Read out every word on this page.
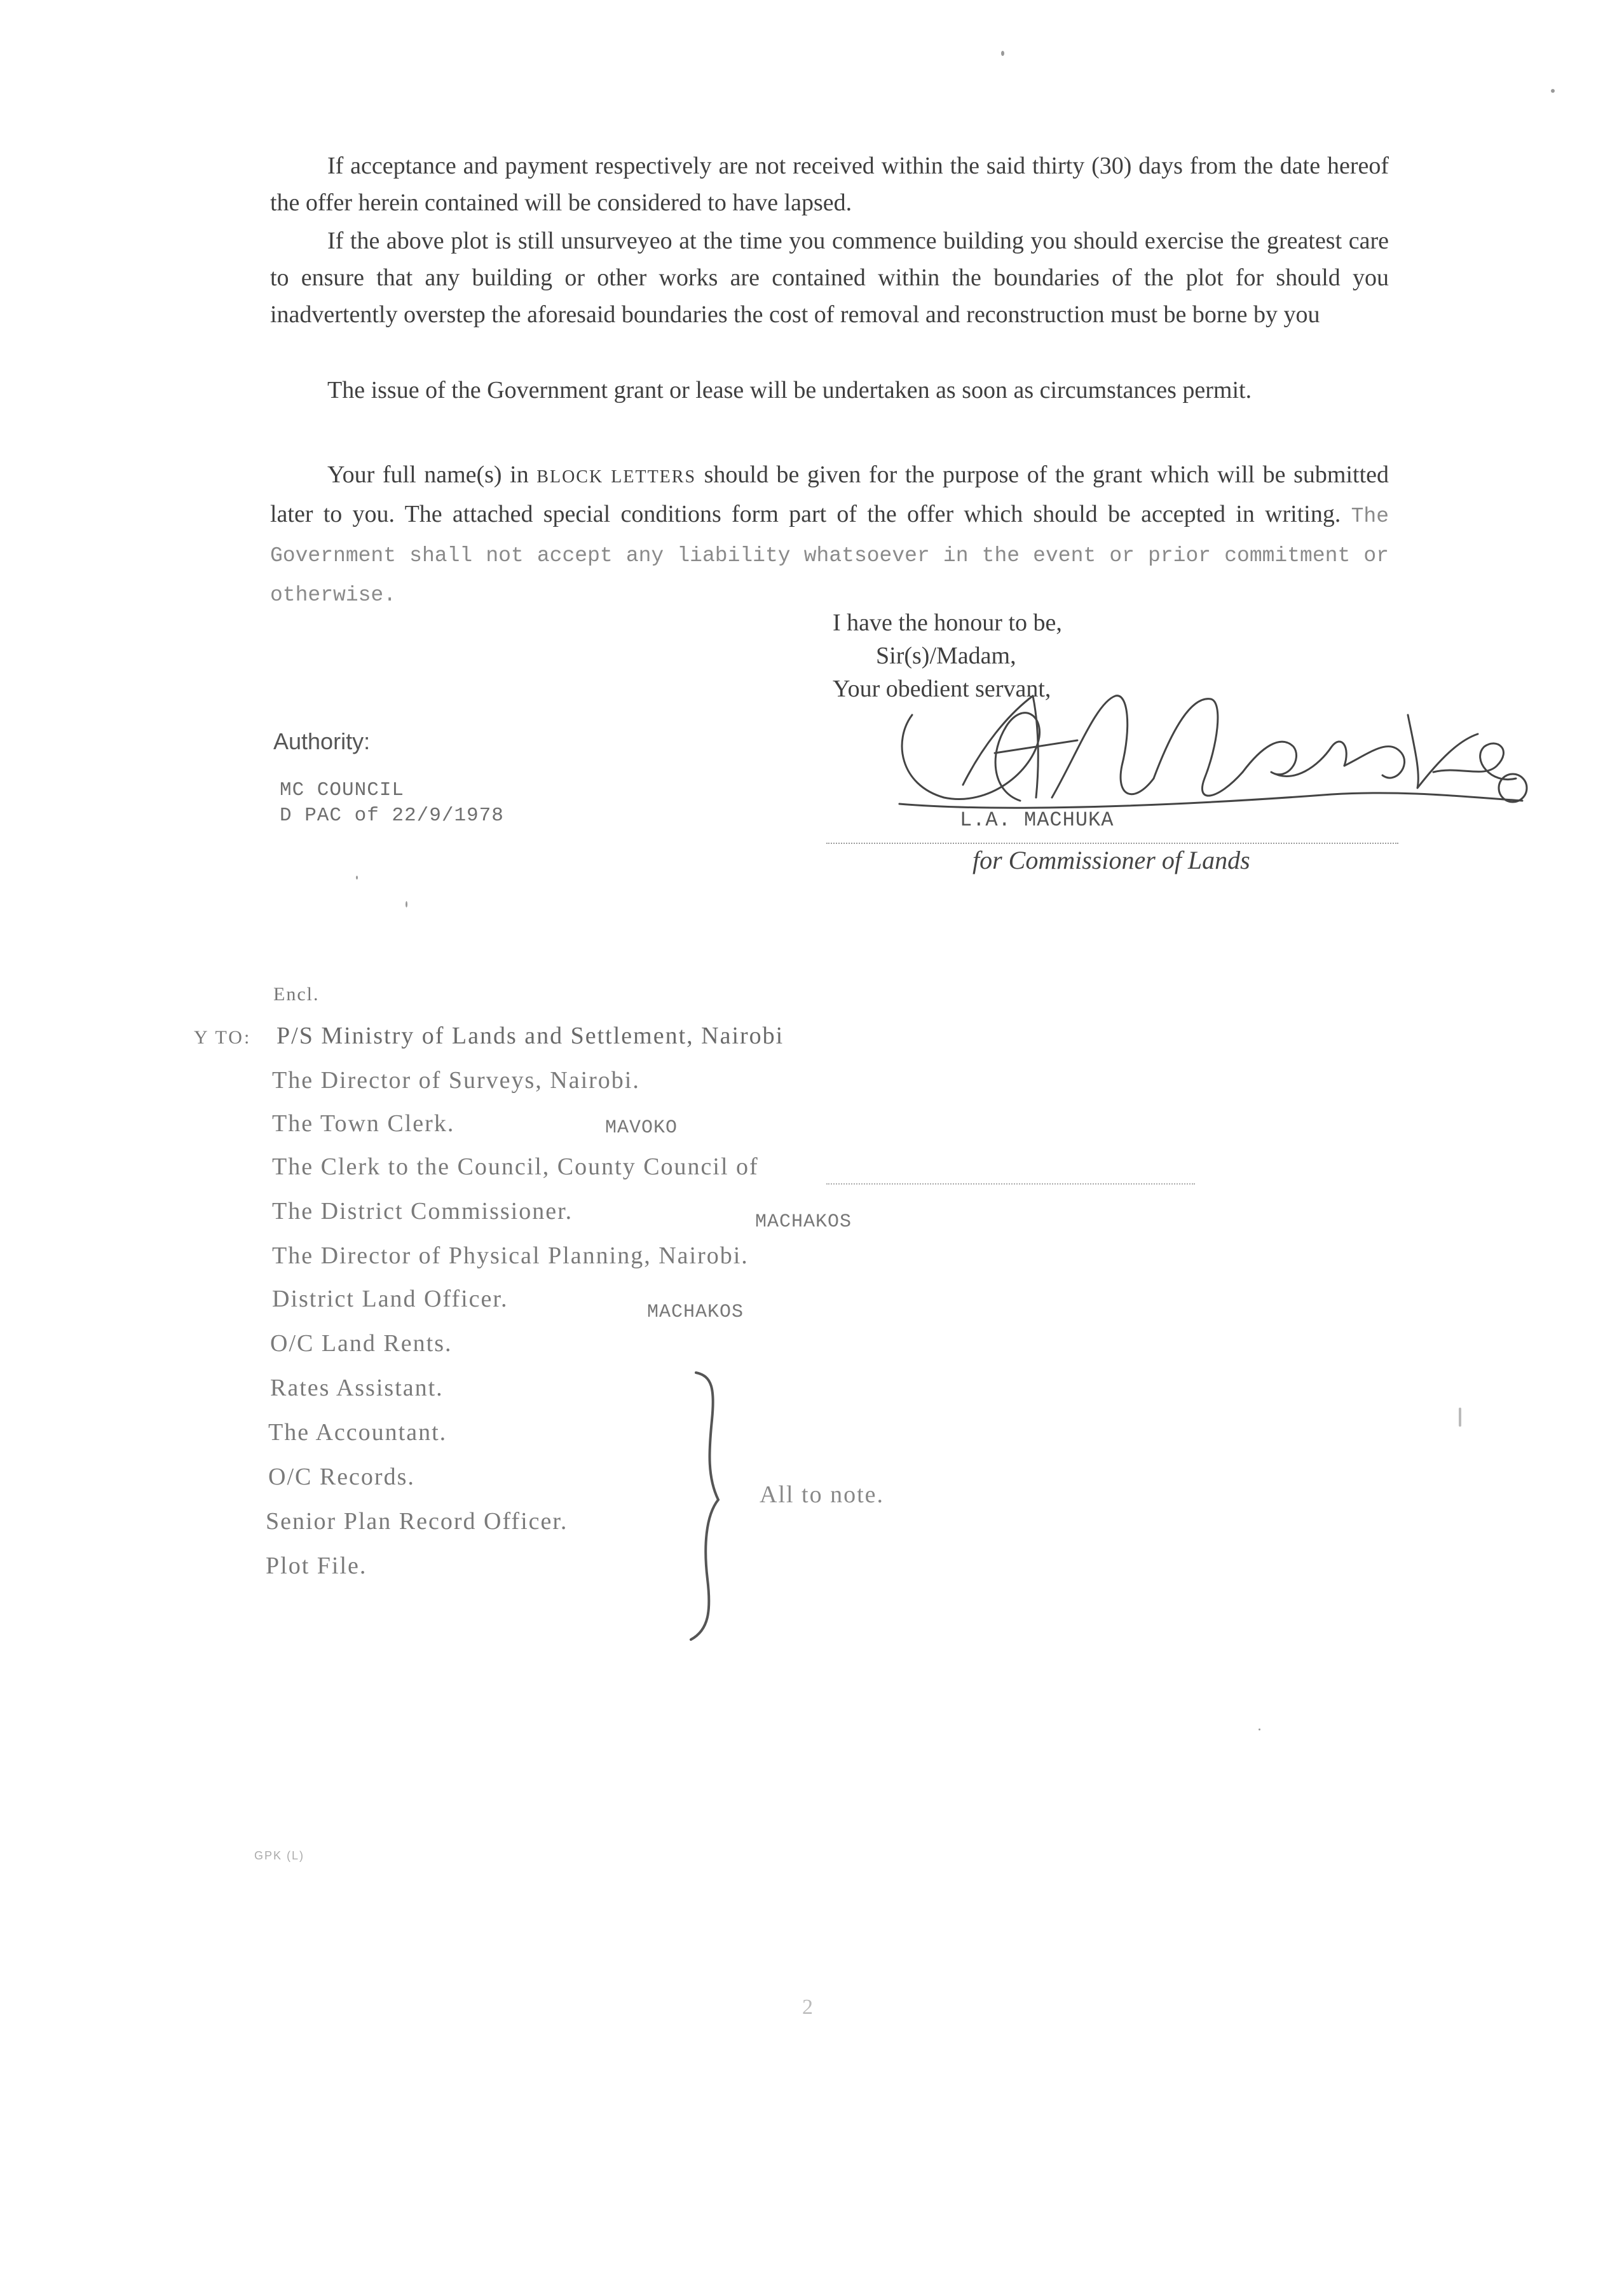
If acceptance and payment respectively are not received within the said thirty (30) days from the date hereof the offer herein contained will be considered to have lapsed.
If the above plot is still unsurveyeo at the time you commence building you should exercise the greatest care to ensure that any building or other works are contained within the boundaries of the plot for should you inadvertently overstep the aforesaid boundaries the cost of removal and reconstruction must be borne by you
The issue of the Government grant or lease will be undertaken as soon as circumstances permit.
Your full name(s) in BLOCK LETTERS should be given for the purpose of the grant which will be submitted later to you. The attached special conditions form part of the offer which should be accepted in writing. The Government shall not accept any liability whatsoever in the event or prior commitment or otherwise.
I have the honour to be,
Sir(s)/Madam,
Your obedient servant,
L.A. MACHUKA
for Commissioner of Lands
Authority:
MC COUNCIL
D PAC of 22/9/1978
Encl.
Y TO: P/S Ministry of Lands and Settlement, Nairobi
The Director of Surveys, Nairobi.
The Town Clerk.	MAVOKO
The Clerk to the Council, County Council of
The District Commissioner.	MACHAKOS
The Director of Physical Planning, Nairobi.
District Land Officer.	MACHAKOS
O/C Land Rents.
Rates Assistant.
The Accountant.
O/C Records.
Senior Plan Record Officer.
Plot File.
All to note.
GPK (L)
2
